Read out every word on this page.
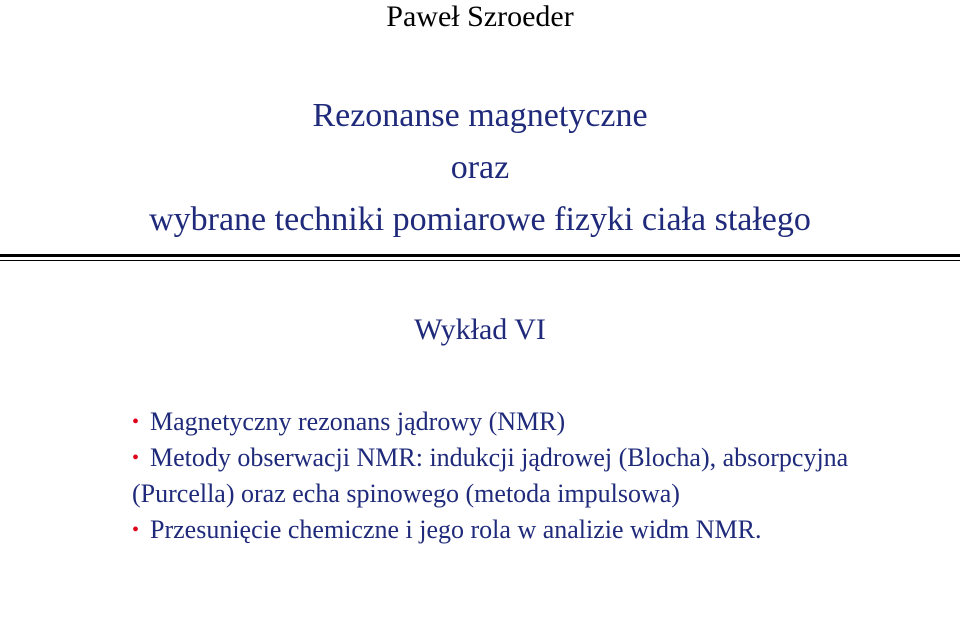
Paweł Szroeder
Rezonanse magnetyczne
oraz
wybrane techniki pomiarowe fizyki ciała stałego
Wykład VI
• Magnetyczny rezonans jądrowy (NMR)
• Metody obserwacji NMR: indukcji jądrowej (Blocha), absorpcyjna (Purcella) oraz echa spinowego (metoda impulsowa)
• Przesunięcie chemiczne i jego rola w analizie widm NMR.
